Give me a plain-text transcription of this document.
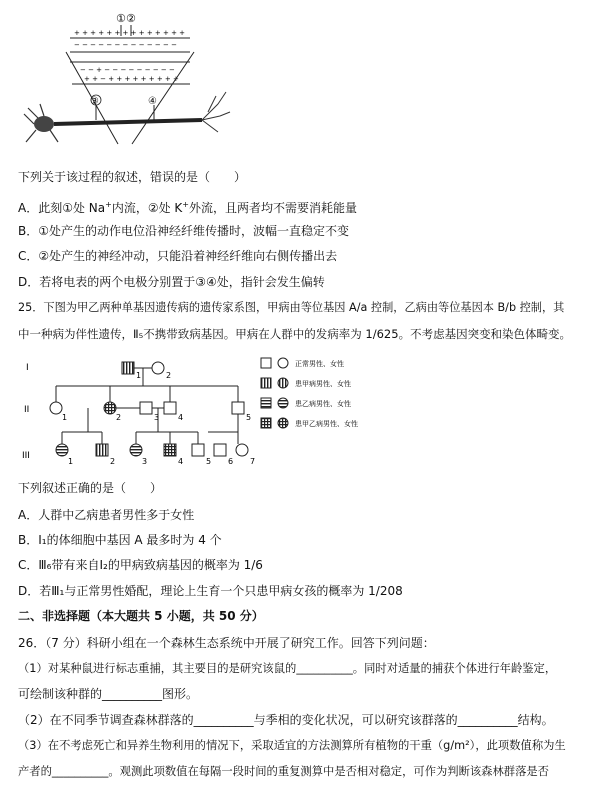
① ②
+ + + + + + + + + + + + + +
− − − − − − − − − − − − −
− − + − − − − − − − − −
+ + − + + + + + + + + +
③	④
下列关于该过程的叙述，错误的是（　　）
A．此刻①处 Na+内流，②处 K+外流，且两者均不需要消耗能量
B．①处产生的动作电位沿神经纤维传播时，波幅一直稳定不变
C．②处产生的神经冲动，只能沿着神经纤维向右侧传播出去
D．若将电表的两个电极分别置于③④处，指针会发生偏转
25．下图为甲乙两种单基因遗传病的遗传家系图，甲病由等位基因 A/a 控制，乙病由等位基因本 B/b 控制，其
中一种病为伴性遗传，Ⅱ₅不携带致病基因。甲病在人群中的发病率为 1/625。不考虑基因突变和染色体畸变。
I
II
III
1	2
1	2	3 4	5
1	2	3	4	5 6 7
正常男性、女性
患甲病男性、女性
患乙病男性、女性
患甲乙病男性、女性
下列叙述正确的是（　　）
A．人群中乙病患者男性多于女性
B．Ⅰ₁的体细胞中基因 A 最多时为 4 个
C．Ⅲ₆带有来自Ⅰ₂的甲病致病基因的概率为 1/6
D．若Ⅲ₁与正常男性婚配，理论上生育一个只患甲病女孩的概率为 1/208
二、非选择题（本大题共 5 小题，共 50 分）
26．（7 分）科研小组在一个森林生态系统中开展了研究工作。回答下列问题：
（1）对某种鼠进行标志重捕，其主要目的是研究该鼠的__________。同时对适量的捕获个体进行年龄鉴定，
可绘制该种群的__________图形。
（2）在不同季节调查森林群落的__________与季相的变化状况，可以研究该群落的__________结构。
（3）在不考虑死亡和异养生物利用的情况下，采取适宜的方法测算所有植物的干重（g/m²），此项数值称为生
产者的__________。观测此项数值在每隔一段时间的重复测算中是否相对稳定，可作为判断该森林群落是否
